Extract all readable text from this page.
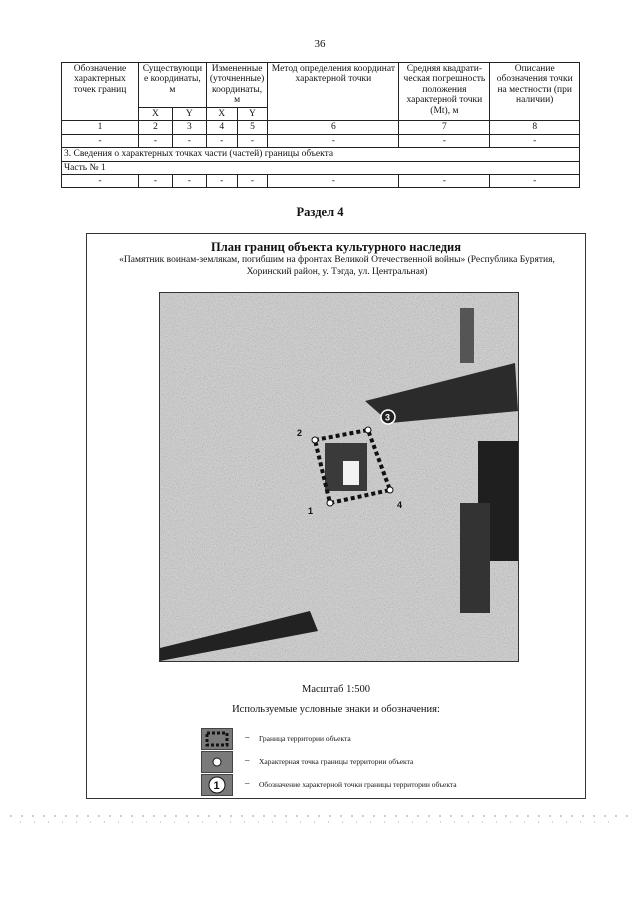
36
Обозначение характерных точек границ	Существующи е координаты, м		Измененные (уточненные) координаты, м		Метод определения координат характерной точки	Средняя квадрати- ческая погрешность положения характерной точки (Mt), м	Описание обозначения точки на местности (при наличии)
	X	Y	X	Y			
1	2	3	4	5	6	7	8
-	-	-	-	-	-	-	-
3. Сведения о характерных точках части (частей) границы объекта							
Часть № 1							
-	-	-	-	-	-	-	-
Раздел 4
План границ объекта культурного наследия
«Памятник воинам-землякам, погибшим на фронтах Великой Отечественной войны» (Республика Бурятия, Хоринский район, у. Тэгда, ул. Центральная)
2
3
4
1
Масштаб 1:500
Используемые условные знаки и обозначения:
– Граница территории объекта
– Характерная точка границы территории объекта
1	– Обозначение характерной точки границы территории объекта
